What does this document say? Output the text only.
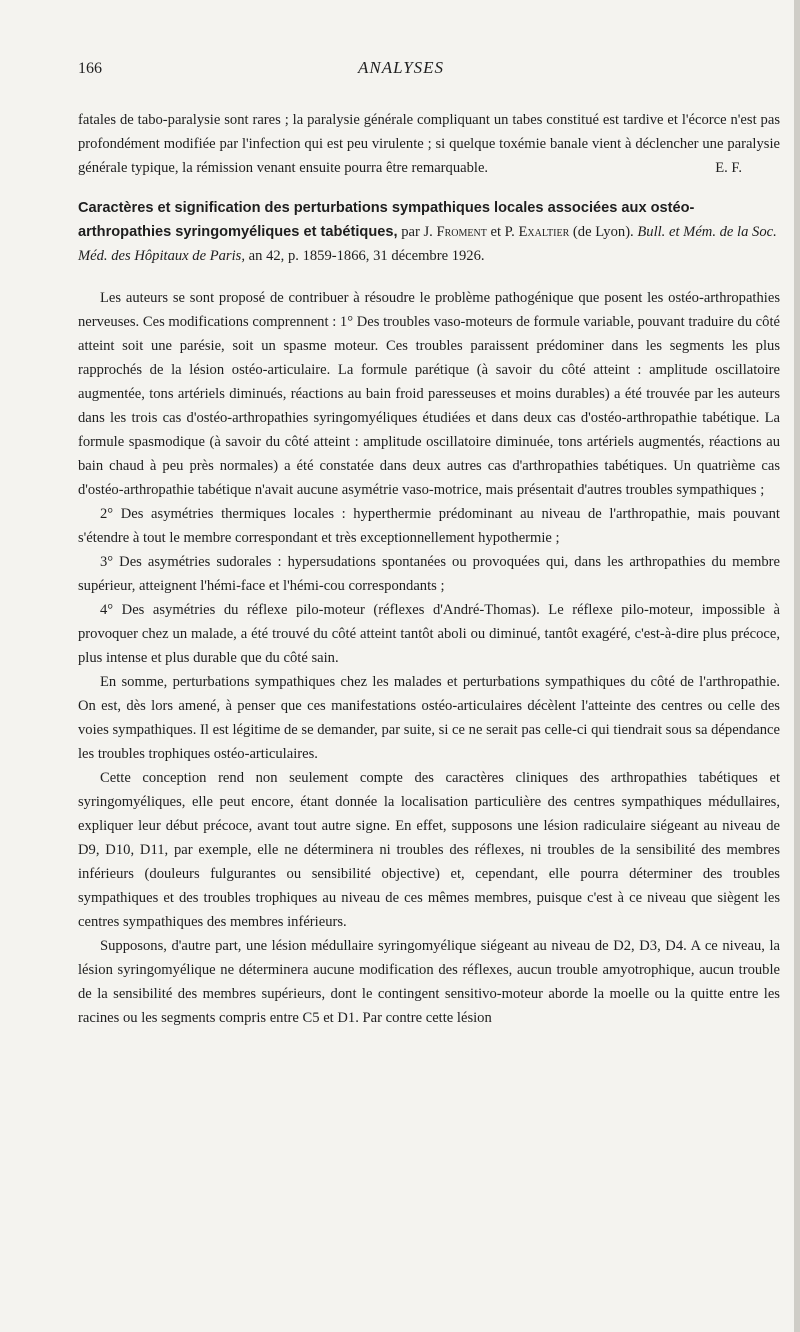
166	ANALYSES

fatales de tabo-paralysie sont rares ; la paralysie générale compliquant un tabes constitué est tardive et l'écorce n'est pas profondément modifiée par l'infection qui est peu virulente ; si quelque toxémie banale vient à déclencher une paralysie générale typique, la rémission venant ensuite pourra être remarquable.	E. F.

Caractères et signification des perturbations sympathiques locales associées aux ostéo-arthropathies syringomyéliques et tabétiques, par J. Froment et P. Exaltier (de Lyon). Bull. et Mém. de la Soc. Méd. des Hôpitaux de Paris, an 42, p. 1859-1866, 31 décembre 1926.

Les auteurs se sont proposé de contribuer à résoudre le problème pathogénique que posent les ostéo-arthropathies nerveuses. Ces modifications comprennent : 1° Des troubles vaso-moteurs de formule variable, pouvant traduire du côté atteint soit une parésie, soit un spasme moteur. Ces troubles paraissent prédominer dans les segments les plus rapprochés de la lésion ostéo-articulaire. La formule parétique (à savoir du côté atteint : amplitude oscillatoire augmentée, tons artériels diminués, réactions au bain froid paresseuses et moins durables) a été trouvée par les auteurs dans les trois cas d'ostéo-arthropathies syringomyéliques étudiées et dans deux cas d'ostéo-arthropathie tabétique. La formule spasmodique (à savoir du côté atteint : amplitude oscillatoire diminuée, tons artériels augmentés, réactions au bain chaud à peu près normales) a été constatée dans deux autres cas d'arthropathies tabétiques. Un quatrième cas d'ostéo-arthropathie tabétique n'avait aucune asymétrie vaso-motrice, mais présentait d'autres troubles sympathiques ;

2° Des asymétries thermiques locales : hyperthermie prédominant au niveau de l'arthropathie, mais pouvant s'étendre à tout le membre correspondant et très exceptionnellement hypothermie ;

3° Des asymétries sudorales : hypersudations spontanées ou provoquées qui, dans les arthropathies du membre supérieur, atteignent l'hémi-face et l'hémi-cou correspondants ;

4° Des asymétries du réflexe pilo-moteur (réflexes d'André-Thomas). Le réflexe pilo-moteur, impossible à provoquer chez un malade, a été trouvé du côté atteint tantôt aboli ou diminué, tantôt exagéré, c'est-à-dire plus précoce, plus intense et plus durable que du côté sain.

En somme, perturbations sympathiques chez les malades et perturbations sympathiques du côté de l'arthropathie. On est, dès lors amené, à penser que ces manifestations ostéo-articulaires décèlent l'atteinte des centres ou celle des voies sympathiques. Il est légitime de se demander, par suite, si ce ne serait pas celle-ci qui tiendrait sous sa dépendance les troubles trophiques ostéo-articulaires.

Cette conception rend non seulement compte des caractères cliniques des arthropathies tabétiques et syringomyéliques, elle peut encore, étant donnée la localisation particulière des centres sympathiques médullaires, expliquer leur début précoce, avant tout autre signe. En effet, supposons une lésion radiculaire siégeant au niveau de D9, D10, D11, par exemple, elle ne déterminera ni troubles des réflexes, ni troubles de la sensibilité des membres inférieurs (douleurs fulgurantes ou sensibilité objective) et, cependant, elle pourra déterminer des troubles sympathiques et des troubles trophiques au niveau de ces mêmes membres, puisque c'est à ce niveau que siègent les centres sympathiques des membres inférieurs.

Supposons, d'autre part, une lésion médullaire syringomyélique siégeant au niveau de D2, D3, D4. A ce niveau, la lésion syringomyélique ne déterminera aucune modification des réflexes, aucun trouble amyotrophique, aucun trouble de la sensibilité des membres supérieurs, dont le contingent sensitivo-moteur aborde la moelle ou la quitte entre les racines ou les segments compris entre C5 et D1. Par contre cette lésion
